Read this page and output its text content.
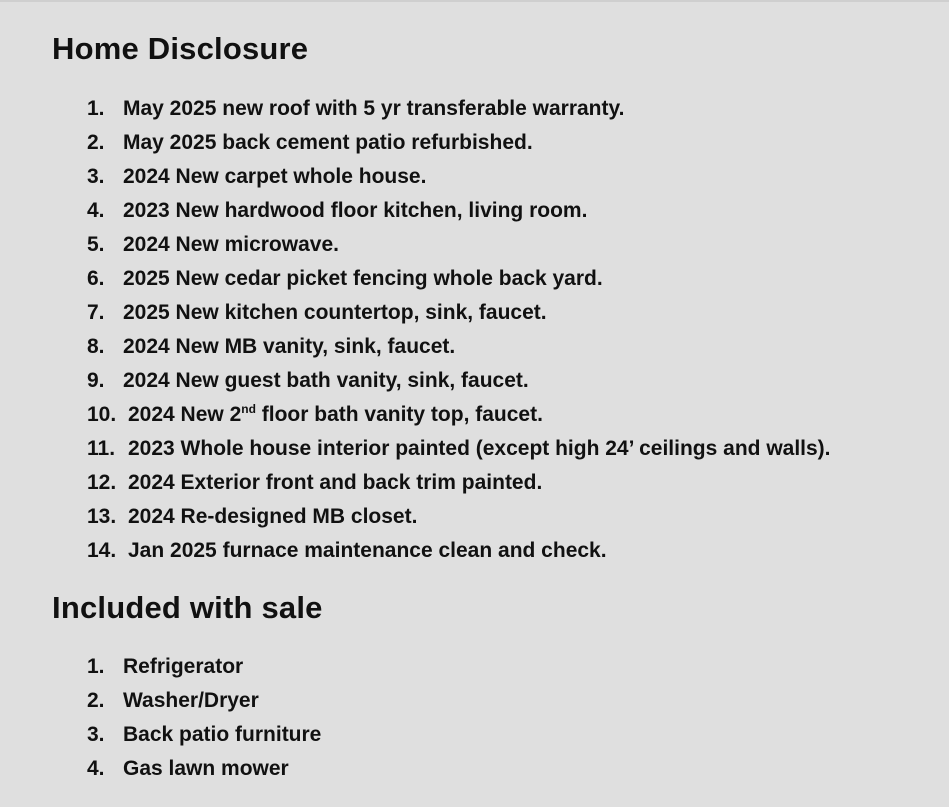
Home Disclosure
1. May 2025 new roof with 5 yr transferable warranty.
2. May 2025 back cement patio refurbished.
3. 2024 New carpet whole house.
4. 2023 New hardwood floor kitchen, living room.
5. 2024 New microwave.
6. 2025 New cedar picket fencing whole back yard.
7. 2025 New kitchen countertop, sink, faucet.
8. 2024 New MB vanity, sink, faucet.
9. 2024 New guest bath vanity, sink, faucet.
10. 2024 New 2nd floor bath vanity top, faucet.
11. 2023 Whole house interior painted (except high 24’ ceilings and walls).
12. 2024 Exterior front and back trim painted.
13. 2024 Re-designed MB closet.
14. Jan 2025 furnace maintenance clean and check.
Included with sale
1. Refrigerator
2. Washer/Dryer
3. Back patio furniture
4. Gas lawn mower
